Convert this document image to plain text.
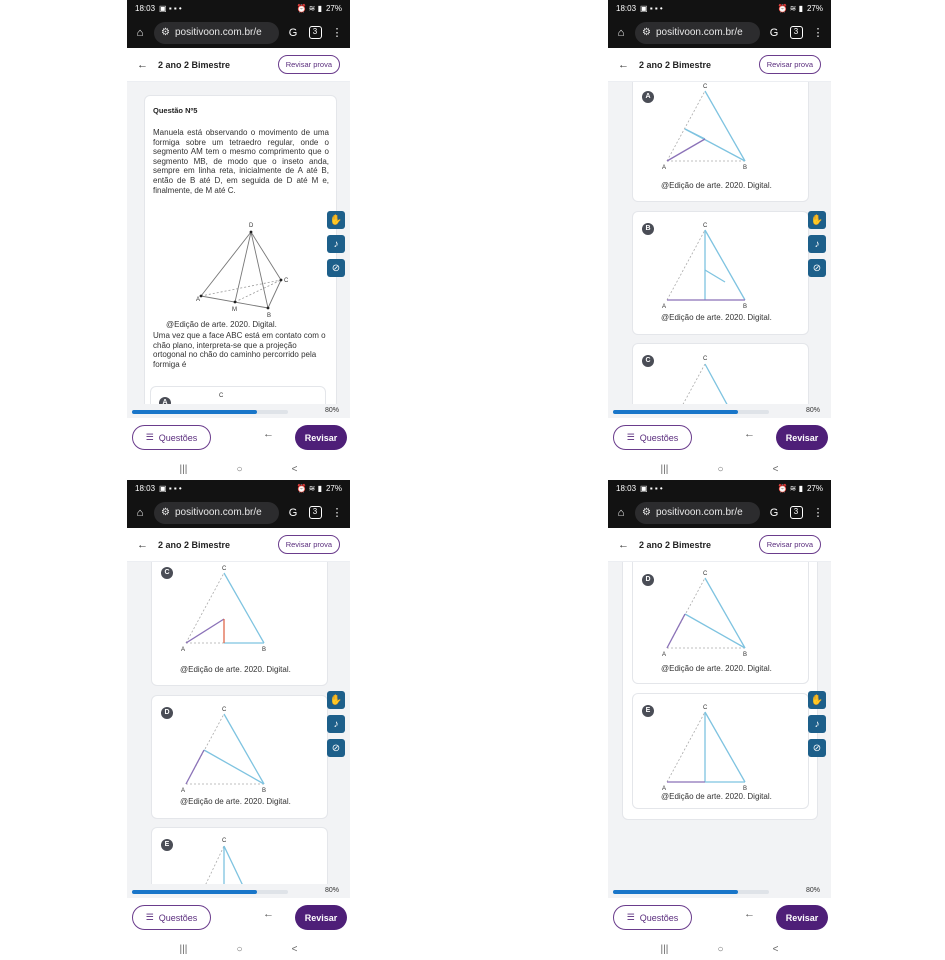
18:03 ▣ ▪ ▪ •	⏰ ≋ ▮ 27%
⌂	⚙ positivoon.com.br/e	G	3	⋮
← 2 ano 2 Bimestre	Revisar prova
Questão Nº5
Manuela está observando o movimento de uma formiga sobre um tetraedro regular, onde o segmento AM tem o mesmo comprimento que o segmento MB, de modo que o inseto anda, sempre em linha reta, inicialmente de A até B, então de B até D, em seguida de D até M e, finalmente, de M até C.
A
D
B
C
M
@Edição de arte. 2020. Digital.
Uma vez que a face ABC está em contato com o chão plano, interpreta-se que a projeção ortogonal no chão do caminho percorrido pela formiga é
A
C
✋
♪
⊘
80%
☰ Questões	←	Revisar
|||	○	<
18:03 ▣ ▪ ▪ •	⏰ ≋ ▮ 27%
⌂	⚙ positivoon.com.br/e	G	3	⋮
← 2 ano 2 Bimestre	Revisar prova
A
A
C
B
@Edição de arte. 2020. Digital.
B
A
C
B
@Edição de arte. 2020. Digital.
C	C
✋
♪
⊘
80%
☰ Questões	←	Revisar
|||	○	<
18:03 ▣ ▪ ▪ •	⏰ ≋ ▮ 27%
⌂	⚙ positivoon.com.br/e	G	3	⋮
← 2 ano 2 Bimestre	Revisar prova
C
A
C
B
@Edição de arte. 2020. Digital.
D
A
C
B
@Edição de arte. 2020. Digital.
E	C
✋
♪
⊘
80%
☰ Questões	←	Revisar
|||	○	<
18:03 ▣ ▪ ▪ •	⏰ ≋ ▮ 27%
⌂	⚙ positivoon.com.br/e	G	3	⋮
← 2 ano 2 Bimestre	Revisar prova
D
A
C
B
@Edição de arte. 2020. Digital.
E
A
C
B
@Edição de arte. 2020. Digital.
✋
♪
⊘
80%
☰ Questões	←	Revisar
|||	○	<
